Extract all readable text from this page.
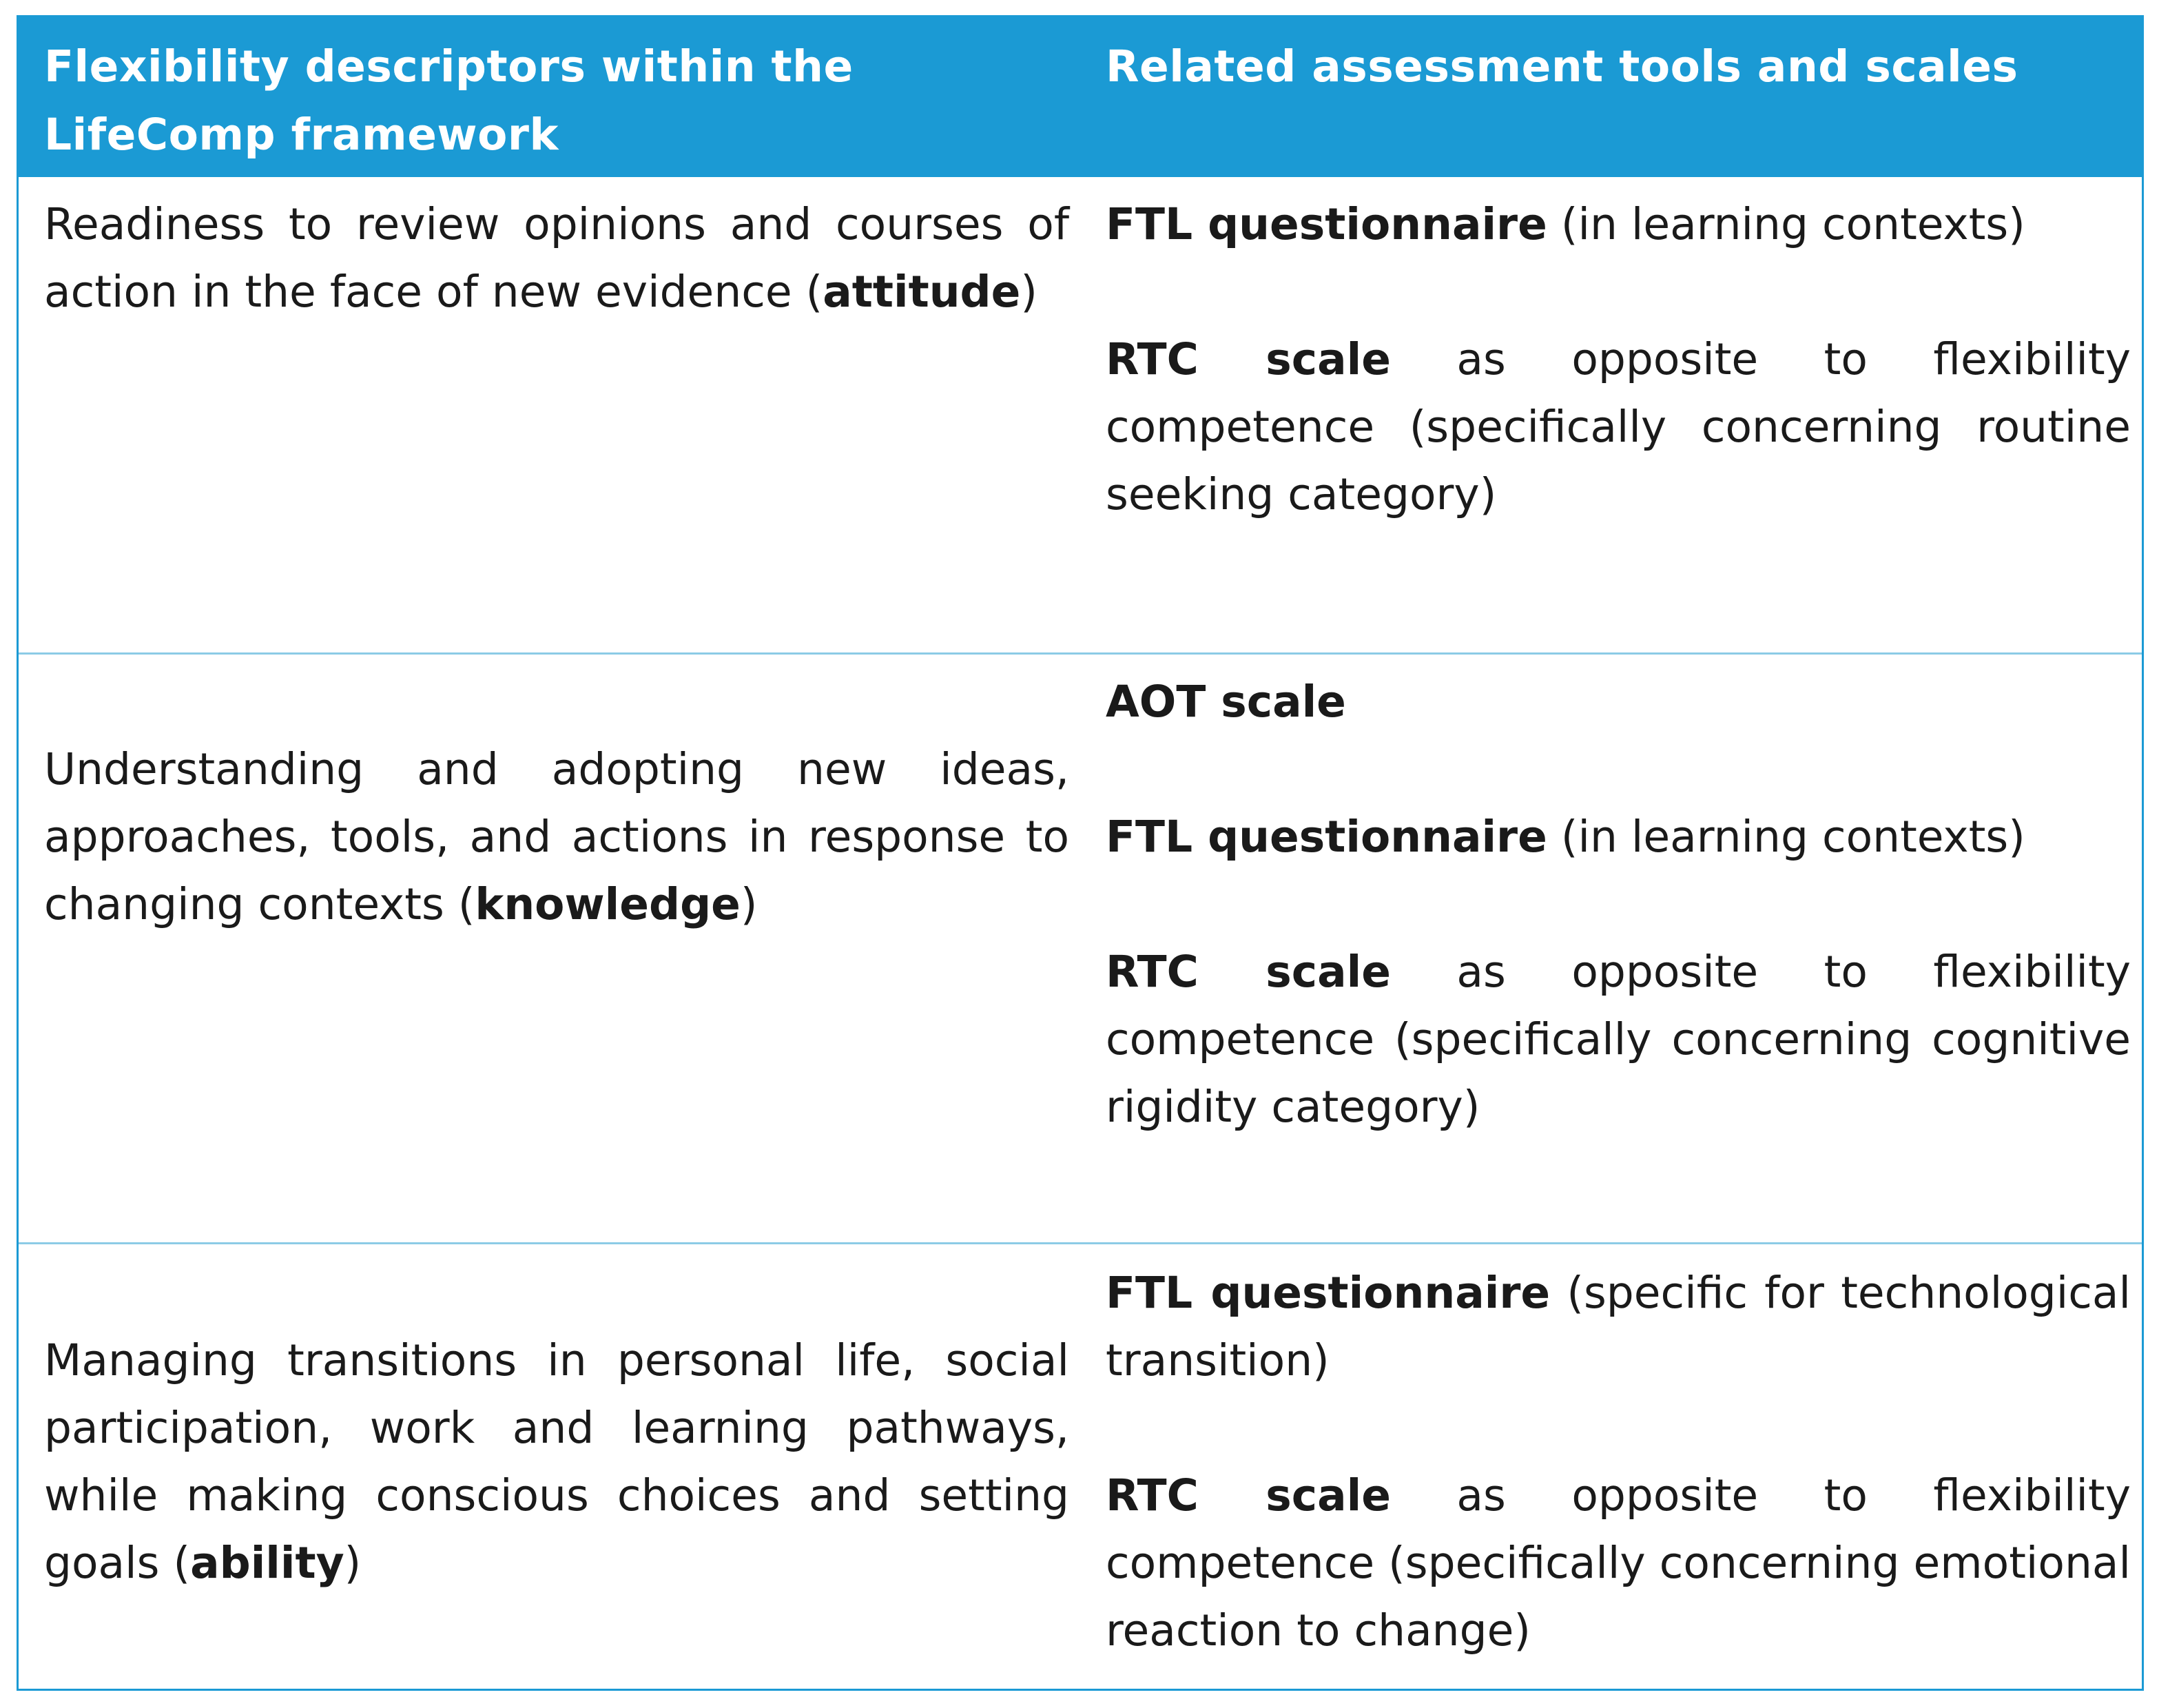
Flexibility descriptors within the LifeComp framework
Related assessment tools and scales

Readiness to review opinions and courses of action in the face of new evidence (attitude)

FTL questionnaire (in learning contexts)

RTC scale as opposite to flexibility competence (specifically concerning routine seeking category)

Understanding and adopting new ideas, approaches, tools, and actions in response to changing contexts (knowledge)

AOT scale

FTL questionnaire (in learning contexts)

RTC scale as opposite to flexibility competence (specifically concerning cognitive rigidity category)

Managing transitions in personal life, social participation, work and learning pathways, while making conscious choices and setting goals (ability)

FTL questionnaire (specific for technological transition)

RTC scale as opposite to flexibility competence (specifically concerning emotional reaction to change)
